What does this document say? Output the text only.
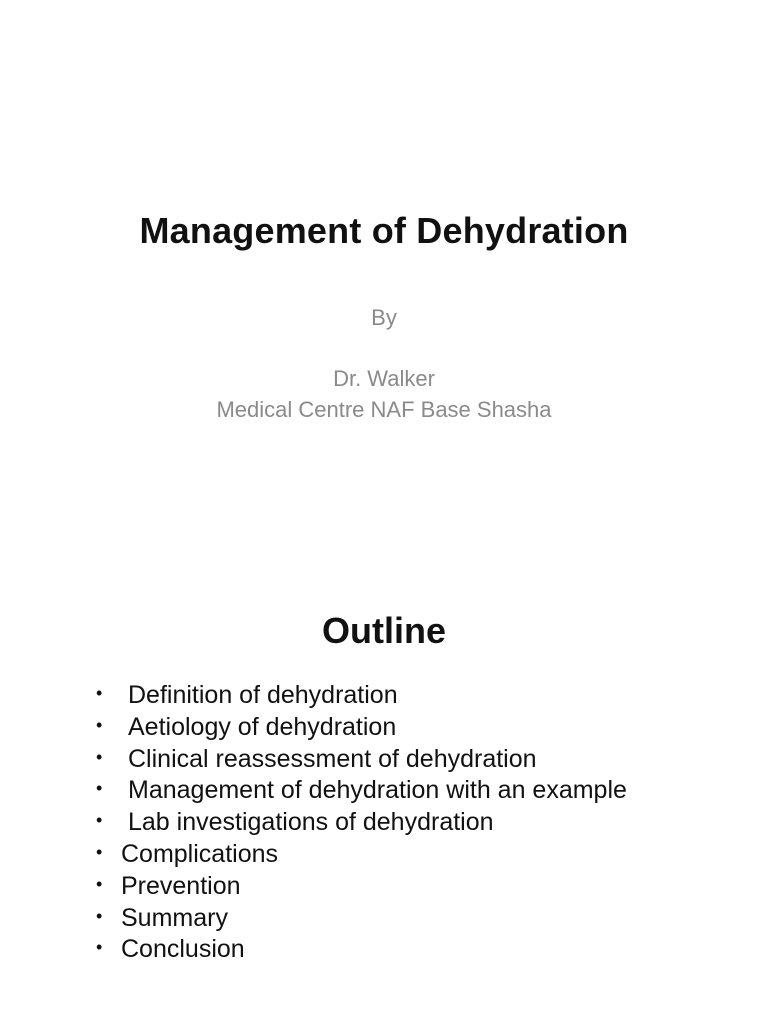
Management of Dehydration
By
Dr. Walker
Medical Centre NAF Base Shasha
Outline
• Definition of dehydration
• Aetiology of dehydration
• Clinical reassessment of dehydration
• Management of dehydration with an example
• Lab investigations of dehydration
• Complications
• Prevention
• Summary
• Conclusion
